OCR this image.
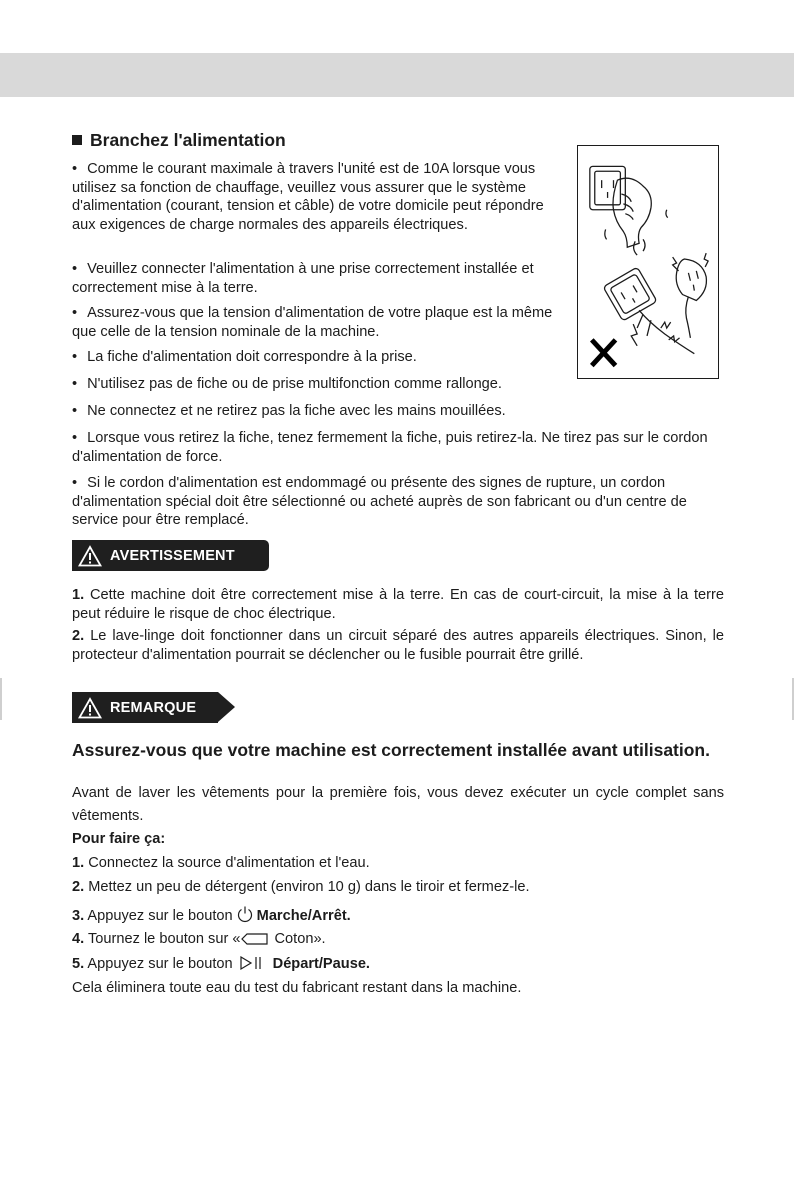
Branchez l'alimentation

• Comme le courant maximale à travers l'unité est de 10A lorsque vous utilisez sa fonction de chauffage, veuillez vous assurer que le système d'alimentation (courant, tension et câble) de votre domicile peut répondre aux exigences de charge normales des appareils électriques.

• Veuillez connecter l'alimentation à une prise correctement installée et correctement mise à la terre.

• Assurez-vous que la tension d'alimentation de votre plaque est la même que celle de la tension nominale de la machine.

• La fiche d'alimentation doit correspondre à la prise.

• N'utilisez pas de fiche ou de prise multifonction comme rallonge.

• Ne connectez et ne retirez pas la fiche avec les mains mouillées.

• Lorsque vous retirez la fiche, tenez fermement la fiche, puis retirez-la. Ne tirez pas sur le cordon d'alimentation de force.

• Si le cordon d'alimentation est endommagé ou présente des signes de rupture, un cordon d'alimentation spécial doit être sélectionné ou acheté auprès de son fabricant ou d'un centre de service pour être remplacé.

AVERTISSEMENT

1. Cette machine doit être correctement mise à la terre. En cas de court-circuit, la mise à la terre peut réduire le risque de choc électrique.

2. Le lave-linge doit fonctionner dans un circuit séparé des autres appareils électriques. Sinon, le protecteur d'alimentation pourrait se déclencher ou le fusible pourrait être grillé.

REMARQUE
Assurez-vous que votre machine est correctement installée avant utilisation.

Avant de laver les vêtements pour la première fois, vous devez exécuter un cycle complet sans vêtements.

Pour faire ça:

1. Connectez la source d'alimentation et l'eau.

2. Mettez un peu de détergent (environ 10 g) dans le tiroir et fermez-le.

3. Appuyez sur le bouton Marche/Arrêt.

4. Tournez le bouton sur « Coton».

5. Appuyez sur le bouton	Départ/Pause.

Cela éliminera toute eau du test du fabricant restant dans la machine.
